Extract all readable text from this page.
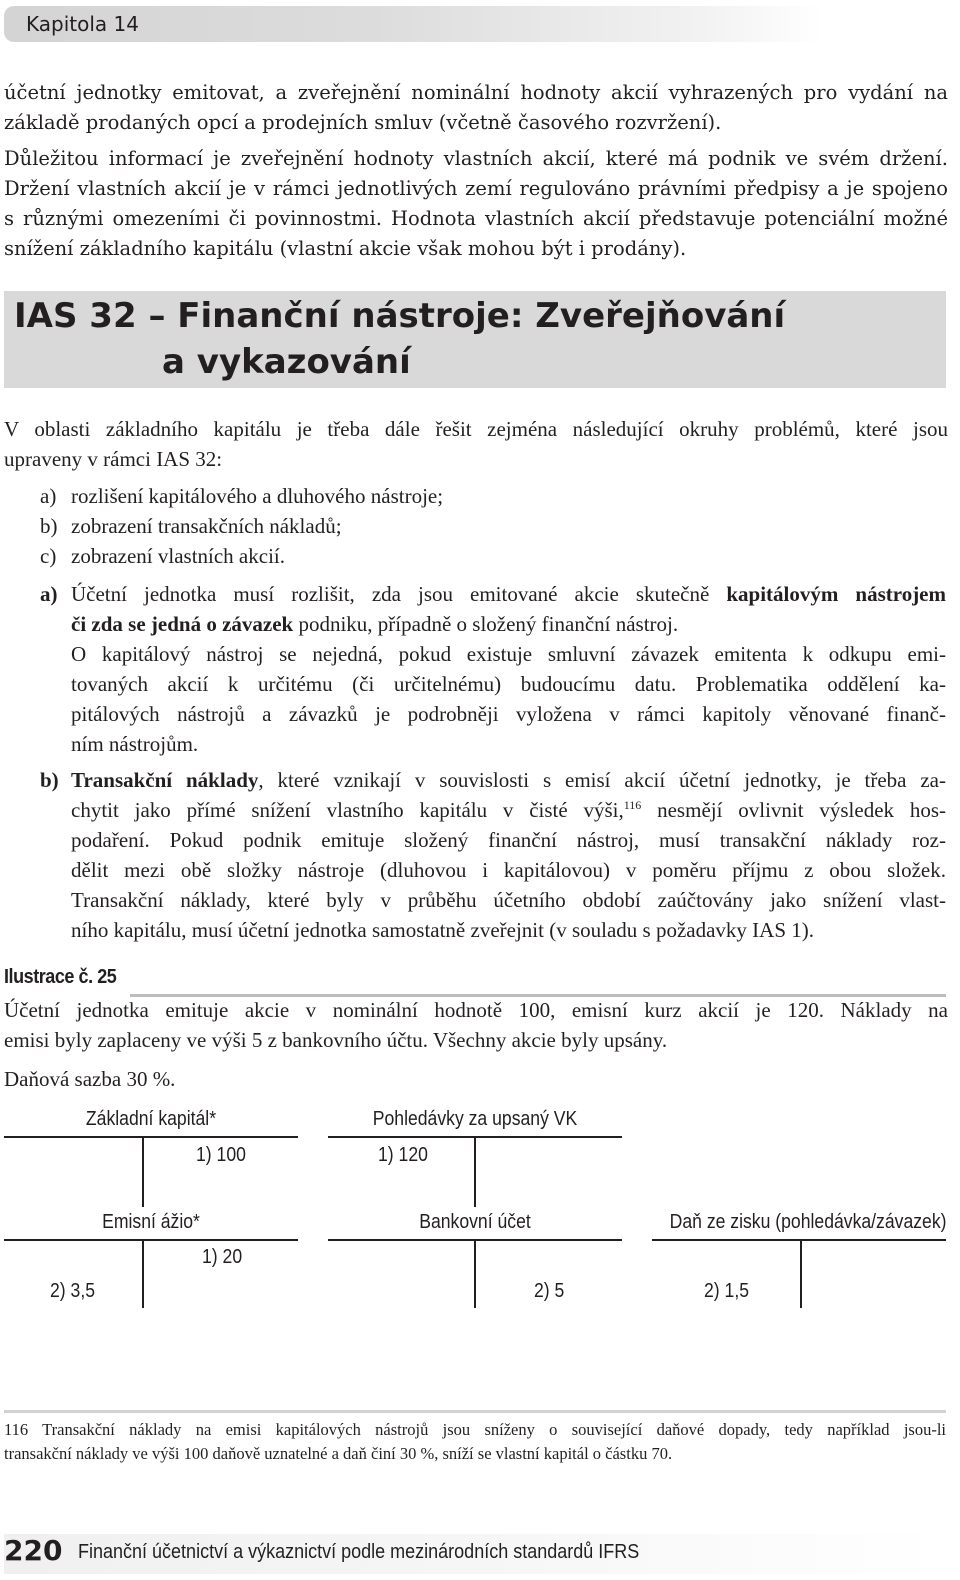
Kapitola 14
účetní jednotky emitovat, a zveřejnění nominální hodnoty akcií vyhrazených pro vydání na
základě prodaných opcí a prodejních smluv (včetně časového rozvržení).
Důležitou informací je zveřejnění hodnoty vlastních akcií, které má podnik ve svém držení.
Držení vlastních akcií je v rámci jednotlivých zemí regulováno právními předpisy a je spojeno
s různými omezeními či povinnostmi. Hodnota vlastních akcií představuje potenciální možné
snížení základního kapitálu (vlastní akcie však mohou být i prodány).
IAS 32 – Finanční nástroje: Zveřejňování
a vykazování
V oblasti základního kapitálu je třeba dále řešit zejména následující okruhy problémů, které jsou
upraveny v rámci IAS 32:
a) rozlišení kapitálového a dluhového nástroje;
b) zobrazení transakčních nákladů;
c) zobrazení vlastních akcií.
a) Účetní jednotka musí rozlišit, zda jsou emitované akcie skutečně kapitálovým nástrojem
či zda se jedná o závazek podniku, případně o složený finanční nástroj.
O kapitálový nástroj se nejedná, pokud existuje smluvní závazek emitenta k odkupu emi-
tovaných akcií k určitému (či určitelnému) budoucímu datu. Problematika oddělení ka-
pitálových nástrojů a závazků je podrobněji vyložena v rámci kapitoly věnované finanč-
ním nástrojům.
b) Transakční náklady, které vznikají v souvislosti s emisí akcií účetní jednotky, je třeba za-
chytit jako přímé snížení vlastního kapitálu v čisté výši,$^{116}$ nesmějí ovlivnit výsledek hos-
podaření. Pokud podnik emituje složený finanční nástroj, musí transakční náklady roz-
dělit mezi obě složky nástroje (dluhovou i kapitálovou) v poměru příjmu z obou složek.
Transakční náklady, které byly v průběhu účetního období zaúčtovány jako snížení vlast-
ního kapitálu, musí účetní jednotka samostatně zveřejnit (v souladu s požadavky IAS 1).
Ilustrace č. 25
Účetní jednotka emituje akcie v nominální hodnotě 100, emisní kurz akcií je 120. Náklady na
emisi byly zaplaceny ve výši 5 z bankovního účtu. Všechny akcie byly upsány.
Daňová sazba 30 %.
Základní kapitál*
1) 100
Pohledávky za upsaný VK
1) 120
Emisní ážio*
1) 20
2) 3,5
Bankovní účet
2) 5
Daň ze zisku (pohledávka/závazek)
2) 1,5
116 Transakční náklady na emisi kapitálových nástrojů jsou sníženy o související daňové dopady, tedy například jsou-li
transakční náklady ve výši 100 daňově uznatelné a daň činí 30 %, sníží se vlastní kapitál o částku 70.
220 Finanční účetnictví a výkaznictví podle mezinárodních standardů IFRS
